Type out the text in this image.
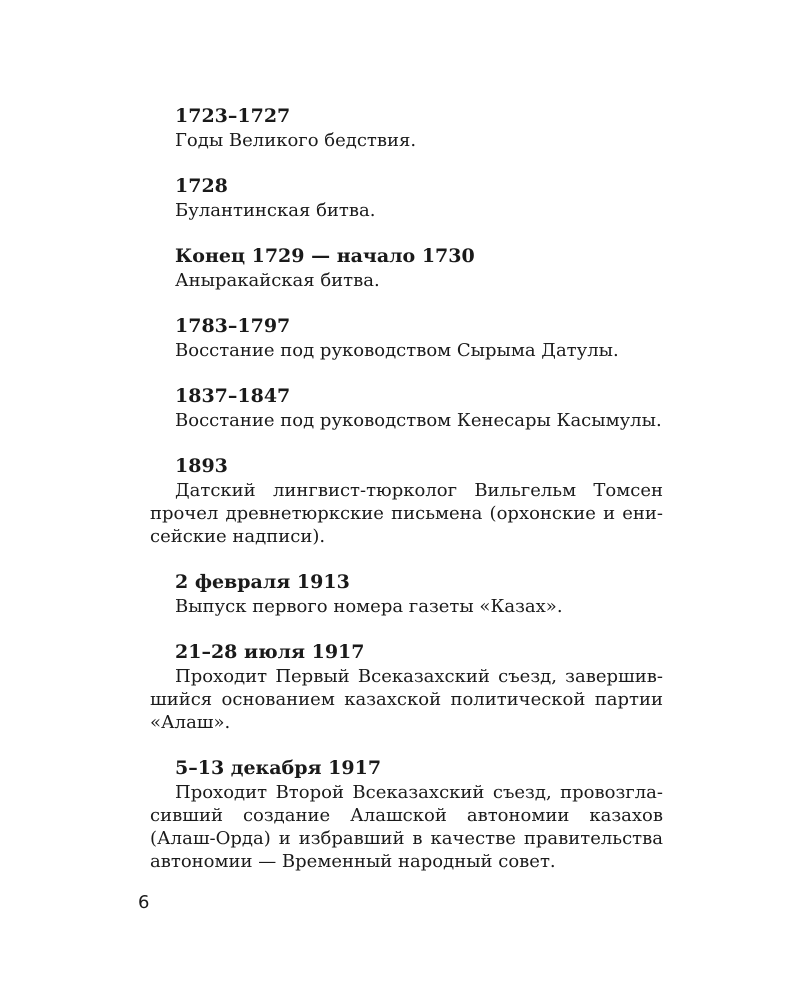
1723–1727

Годы Великого бедствия.

1728

Булантинская битва.

Конец 1729 — начало 1730

Аныракайская битва.

1783–1797

Восстание под руководством Сырыма Датулы.

1837–1847

Восстание под руководством Кенесары Касымулы.

1893

Датский лингвист-тюрколог Вильгельм Томсен прочел древнетюркские письмена (орхонские и енисейские надписи).

2 февраля 1913

Выпуск первого номера газеты «Казах».

21–28 июля 1917

Проходит Первый Всеказахский съезд, завершившийся основанием казахской политической партии «Алаш».

5–13 декабря 1917

Проходит Второй Всеказахский съезд, провозгласивший создание Алашской автономии казахов (Алаш-Орда) и избравший в качестве правительства автономии — Временный народный совет.

6
